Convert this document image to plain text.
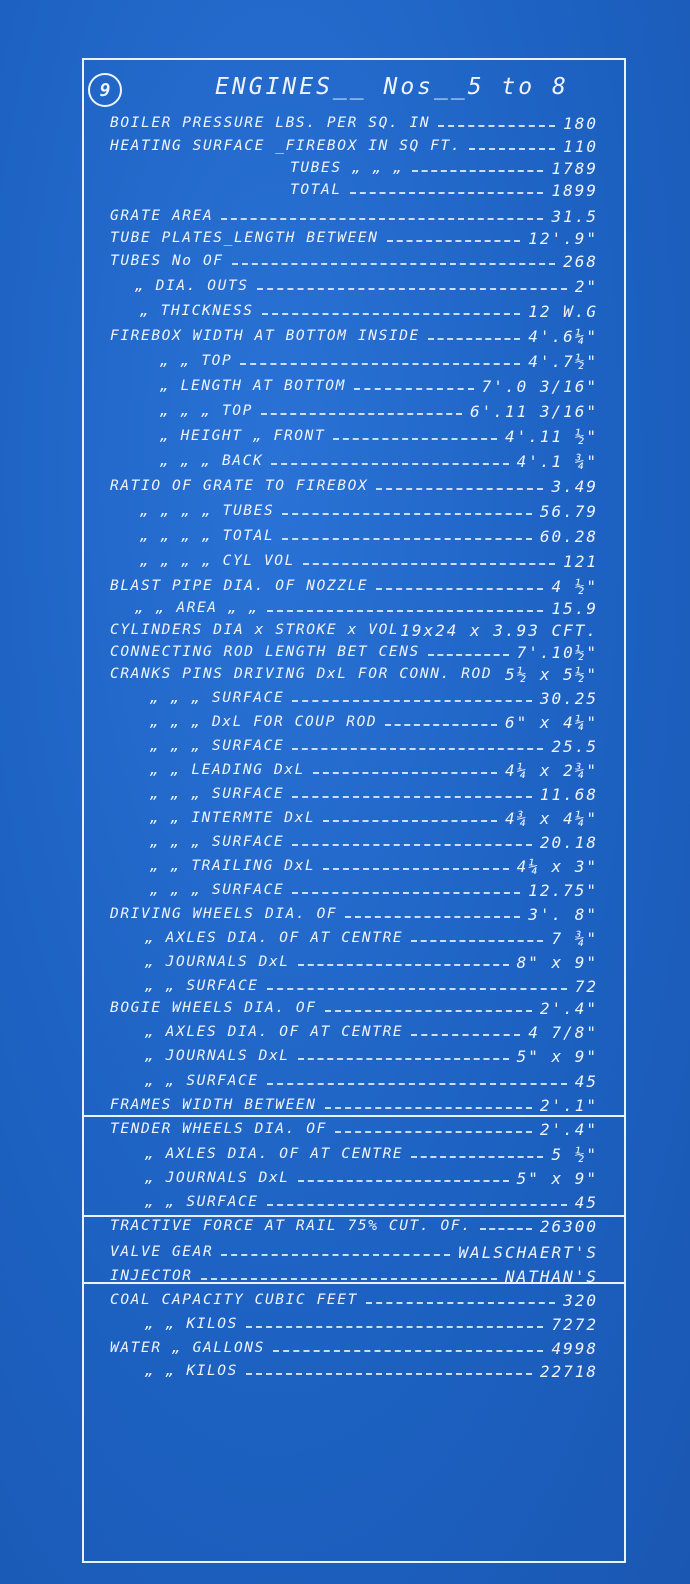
9	ENGINES__ Nos__5 to 8
BOILER PRESSURE LBS. PER SQ. IN	180
HEATING SURFACE _FIREBOX IN SQ FT.	110
TUBES „ „ „	1789
TOTAL	1899
GRATE AREA	31.5
TUBE PLATES_LENGTH BETWEEN	12'.9"
TUBES No OF	268
„ DIA. OUTS	2"
„ THICKNESS	12 W.G
FIREBOX WIDTH AT BOTTOM INSIDE	4'.6¼"
„ „ TOP	4'.7½"
„ LENGTH AT BOTTOM	7'.0 3/16"
„ „ „ TOP	6'.11 3/16"
„ HEIGHT „ FRONT	4'.11 ½"
„ „ „ BACK	4'.1 ¾"
RATIO OF GRATE TO FIREBOX	3.49
„ „ „ „ TUBES	56.79
„ „ „ „ TOTAL	60.28
„ „ „ „ CYL VOL	121
BLAST PIPE DIA. OF NOZZLE	4 ½"
„ „ AREA „ „	15.9
CYLINDERS DIA x STROKE x VOL 19x24 x 3.93 CFT.
CONNECTING ROD LENGTH BET CENS	7'.10½"
CRANKS PINS DRIVING DxL FOR CONN. ROD 5½ x 5½"
„ „ „ SURFACE	30.25
„ „ „ DxL FOR COUP ROD	6" x 4¼"
„ „ „ SURFACE	25.5
„ „ LEADING DxL	4¼ x 2¾"
„ „ „ SURFACE	11.68
„ „ INTERMTE DxL	4¾ x 4¼"
„ „ „ SURFACE	20.18
„ „ TRAILING DxL	4¼ x 3"
„ „ „ SURFACE	12.75"
DRIVING WHEELS DIA. OF	3'. 8"
„ AXLES DIA. OF AT CENTRE	7 ¾"
„ JOURNALS DxL	8" x 9"
„ „ SURFACE	72
BOGIE WHEELS DIA. OF	2'.4"
„ AXLES DIA. OF AT CENTRE	4 7/8"
„ JOURNALS DxL	5" x 9"
„ „ SURFACE	45
FRAMES WIDTH BETWEEN	2'.1"
TENDER WHEELS DIA. OF	2'.4"
„ AXLES DIA. OF AT CENTRE	5 ½"
„ JOURNALS DxL	5" x 9"
„ „ SURFACE	45
TRACTIVE FORCE AT RAIL 75% CUT. OF.	26300
VALVE GEAR	WALSCHAERT'S
INJECTOR	NATHAN'S
COAL CAPACITY CUBIC FEET	320
„ „ KILOS	7272
WATER „ GALLONS	4998
„ „ KILOS	22718
